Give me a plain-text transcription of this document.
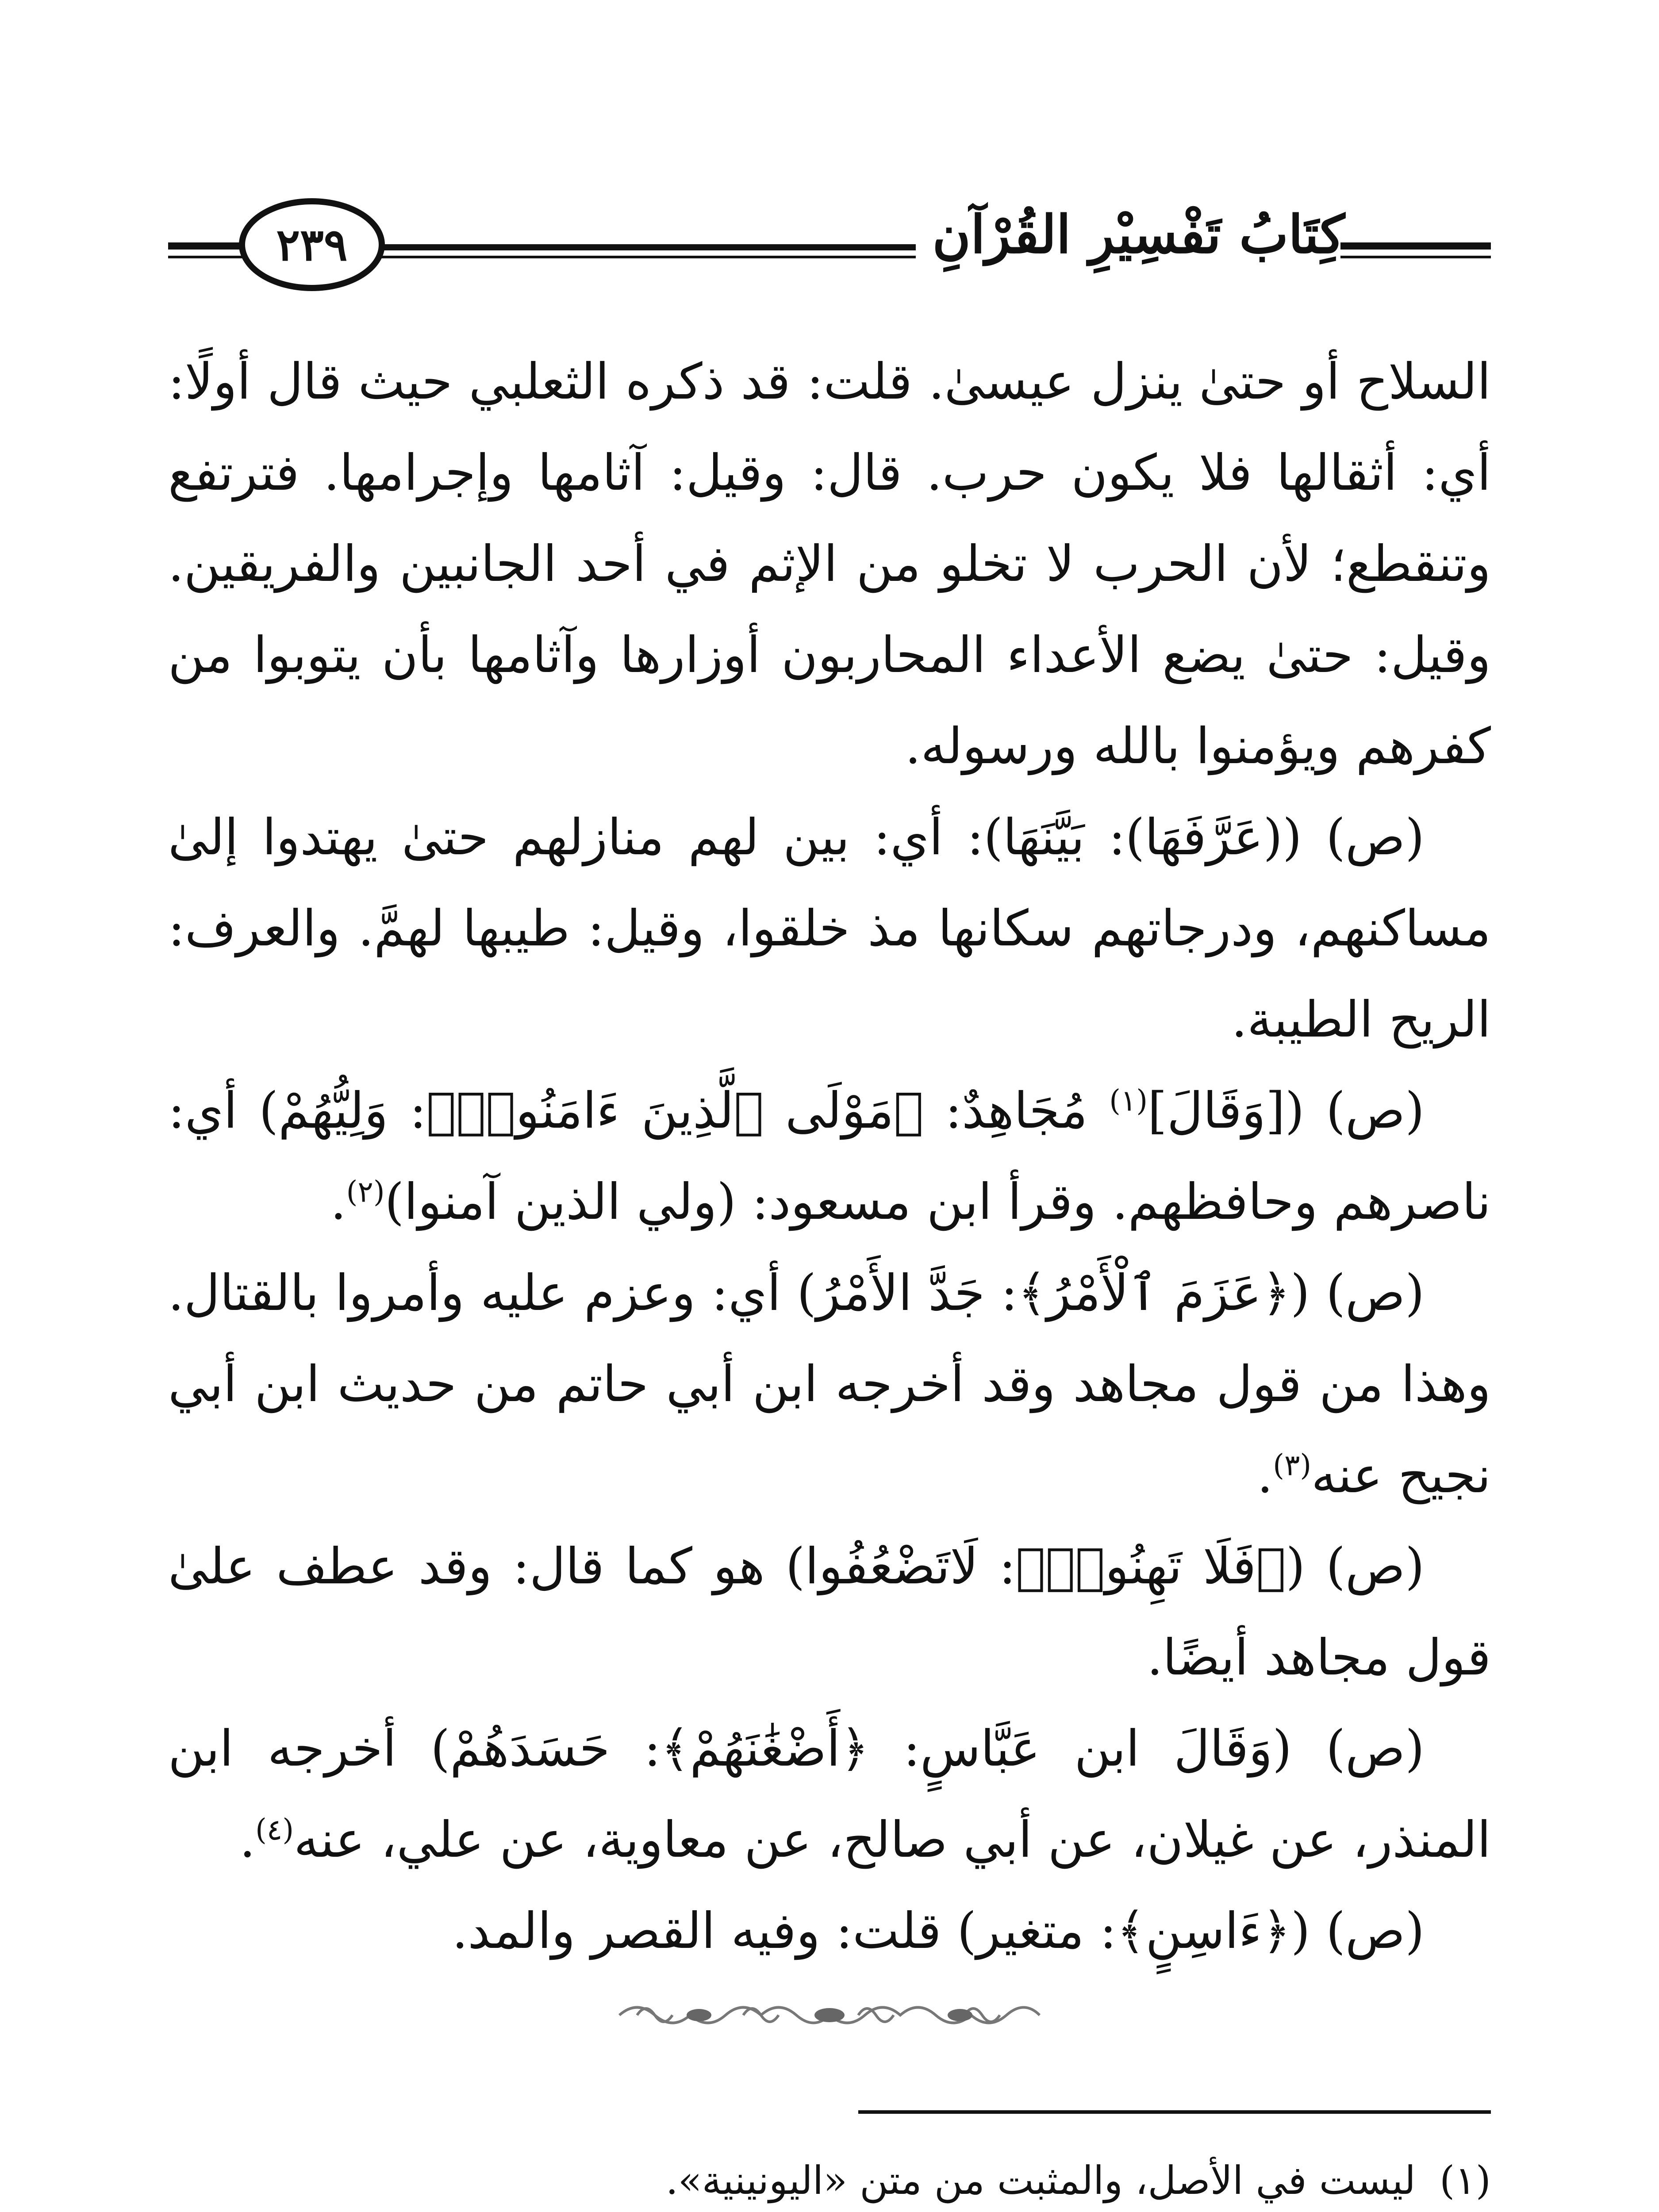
كِتَابُ تَفْسِيْرِ القُرْآنِ
٢٣٩

السلاح أو حتىٰ ينزل عيسىٰ. قلت: قد ذكره الثعلبي حيث قال أولًا: أي: أثقالها فلا يكون حرب. قال: وقيل: آثامها وإجرامها. فترتفع وتنقطع؛ لأن الحرب لا تخلو من الإثم في أحد الجانبين والفريقين. وقيل: حتىٰ يضع الأعداء المحاربون أوزارها وآثامها بأن يتوبوا من كفرهم ويؤمنوا بالله ورسوله.

(ص) ((عَرَّفَهَا): بَيَّنَهَا): أي: بين لهم منازلهم حتىٰ يهتدوا إلىٰ مساكنهم، ودرجاتهم سكانها مذ خلقوا، وقيل: طيبها لهمَّ. والعرف: الريح الطيبة.

(ص) ([وَقَالَ]$^{(١)}$ مُجَاهِدٌ: ﴿مَوْلَى ٱلَّذِينَ ءَامَنُوا۟﴾: وَلِيُّهُمْ) أي: ناصرهم وحافظهم. وقرأ ابن مسعود: (ولي الذين آمنوا)$^{(٢)}$.

(ص) (﴿عَزَمَ ٱلْأَمْرُ﴾: جَدَّ الأَمْرُ) أي: وعزم عليه وأمروا بالقتال. وهذا من قول مجاهد وقد أخرجه ابن أبي حاتم من حديث ابن أبي نجيح عنه$^{(٣)}$.

(ص) (﴿فَلَا تَهِنُوا۟﴾: لَاتَضْعُفُوا) هو كما قال: وقد عطف علىٰ قول مجاهد أيضًا.

(ص) (وَقَالَ ابن عَبَّاسٍ: ﴿أَضْغَٰنَهُمْ﴾: حَسَدَهُمْ) أخرجه ابن المنذر، عن غيلان، عن أبي صالح، عن معاوية، عن علي، عنه$^{(٤)}$.

(ص) (﴿ءَاسِنٍ﴾: متغير) قلت: وفيه القصر والمد.

(١)ليست في الأصل، والمثبت من متن «اليونينية».
